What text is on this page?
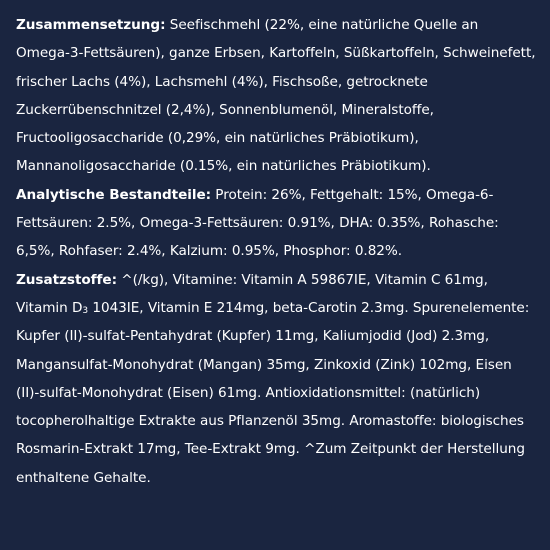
Zusammensetzung: Seefischmehl (22%, eine natürliche Quelle an Omega-3-Fettsäuren), ganze Erbsen, Kartoffeln, Süßkartoffeln, Schweinefett, frischer Lachs (4%), Lachsmehl (4%), Fischsoße, getrocknete Zuckerrübenschnitzel (2,4%), Sonnenblumenöl, Mineralstoffe, Fructooligosaccharide (0,29%, ein natürliches Präbiotikum), Mannanoligosaccharide (0.15%, ein natürliches Präbiotikum).

Analytische Bestandteile: Protein: 26%, Fettgehalt: 15%, Omega-6-Fettsäuren: 2.5%, Omega-3-Fettsäuren: 0.91%, DHA: 0.35%, Rohasche: 6,5%, Rohfaser: 2.4%, Kalzium: 0.95%, Phosphor: 0.82%.

Zusatzstoffe: ^(/kg), Vitamine: Vitamin A 59867IE, Vitamin C 61mg, Vitamin $D_3$ 1043IE, Vitamin E 214mg, beta-Carotin 2.3mg. Spurenelemente: Kupfer (II)-sulfat-Pentahydrat (Kupfer) 11mg, Kaliumjodid (Jod) 2.3mg, Mangansulfat-Monohydrat (Mangan) 35mg, Zinkoxid (Zink) 102mg, Eisen (II)-sulfat-Monohydrat (Eisen) 61mg. Antioxidationsmittel: (natürlich) tocopherolhaltige Extrakte aus Pflanzenöl 35mg. Aromastoffe: biologisches Rosmarin-Extrakt 17mg, Tee-Extrakt 9mg. ^Zum Zeitpunkt der Herstellung enthaltene Gehalte.
